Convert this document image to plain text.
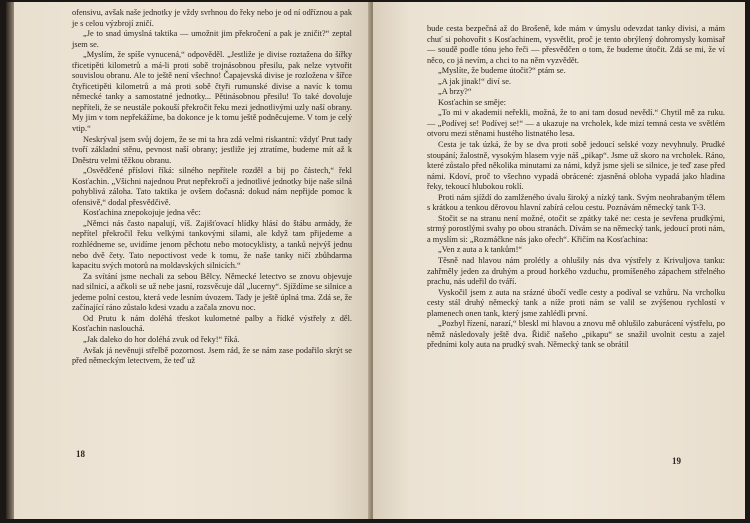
ofensivu, avšak naše jednotky je vždy svrhnou do řeky nebo je od ní odříznou a pak je s celou výzbrojí zničí.

„Je to snad úmyslná taktika — umožnit jim překročení a pak je zničit?“ zeptal jsem se.

„Myslím, že spíše vynucená,“ odpověděl. „Jestliže je divise roztažena do šířky třicetipěti kilometrů a má-li proti sobě trojnásobnou přesilu, pak nelze vytvořit souvislou obranu. Ale to ještě není všechno! Čapajevská divise je rozložena v šířce čtyřicetipěti kilometrů a má proti sobě čtyři rumunské divise a navíc k tomu německé tanky a samostatné jednotky... Pětinásobnou přesilu! To také dovoluje nepříteli, že se neustále pokouší překročit řeku mezi jednotlivými uzly naší obrany. My jim v tom nepřekážíme, ba dokonce je k tomu ještě podněcujeme. V tom je celý vtip.“

Neskrýval jsem svůj dojem, že se mi ta hra zdá velmi riskantní: vždyť Prut tady tvoří základní stěnu, pevnost naší obrany; jestliže jej ztratíme, budeme mít až k Dněstru velmi těžkou obranu.

„Osvědčené příslovi říká: silného nepřítele rozděl a bij po částech,“ řekl Kosťachin. „Všichni najednou Prut nepřekročí a jednotlivé jednotky bije naše silná pohyblivá záloha. Tato taktika je ovšem dočasná: dokud nám nepřijde pomoc k ofensivě,“ dodal přesvědčivě.

Kosťachina znepokojuje jedna věc:

„Němci nás často napalují, víš. Zajišťovací hlídky hlásí do štábu armády, že nepřítel překročil řeku velkými tankovými silami, ale když tam přijedeme a rozhlédneme se, uvidíme jenom pěchotu nebo motocyklisty, a tanků nejvýš jednu nebo dvě čety. Tato nepoctivost vede k tomu, že naše tanky ničí zbůhdarma kapacitu svých motorů na moldavských silnicích.“

Za svítání jsme nechali za sebou Bělcy. Německé letectvo se znovu objevuje nad silnicí, a ačkoli se už nebe jasní, rozsvěcuje dál „lucerny“. Sjíždíme se silnice a jedeme polní cestou, která vede lesním úvozem. Tady je ještě úplná tma. Zdá se, že začínající ráno zůstalo kdesi vzadu a začala znovu noc.

Od Prutu k nám doléhá třeskot kulometné palby a řídké výstřely z děl. Kosťachin naslouchá.

„Jak daleko do hor doléhá zvuk od řeky!“ říká.

Avšak já nevěnuji střelbě pozornost. Jsem rád, že se nám zase podařilo skrýt se před německým letectvem, že teď už

18

bude cesta bezpečná až do Brošeně, kde mám v úmyslu odevzdat tanky divisi, a mám chuť si pohovořit s Kosťachinem, vysvětlit, proč je tento obrýlený dohromysly komisař — soudě podle tónu jeho řeči — přesvědčen o tom, že budeme útočit. Zdá se mi, že ví něco, co já nevím, a chci to na něm vyzvědět.

„Myslíte, že budeme útočit?“ ptám se.

„A jak jinak!“ diví se.

„A brzy?“

Kosťachin se směje:

„To mi v akademii neřekli, možná, že to ani tam dosud nevědí.“ Chytil mě za ruku. — „Podívej se! Podívej se!“ — a ukazuje na vrcholek, kde mizí temná cesta ve světlém otvoru mezi stěnami hustého listnatého lesa.

Cesta je tak úzká, že by se dva proti sobě jedoucí selské vozy nevyhnuly. Prudké stoupání; žalostně, vysokým hlasem vyje náš „pikap“. Jsme už skoro na vrcholek. Ráno, které zůstalo před několika minutami za námi, když jsme sjeli se silnice, je teď zase před námi. Kdoví, proč to všechno vypadá obrácené: zjasněná obloha vypadá jako hladina řeky, tekoucí hlubokou roklí.

Proti nám sjíždí do zamlženého úvalu široký a nízký tank. Svým neohrabaným tělem s krátkou a tenkou děrovou hlavní zabírá celou cestu. Poznávám německý tank T-3.

Stočit se na stranu není možné, otočit se zpátky také ne: cesta je sevřena prudkými, strmý porostlými svahy po obou stranách. Dívám se na německý tank, jedoucí proti nám, a myslím si: „Rozmáčkne nás jako ořech“. Křičím na Kosťachina:

„Ven z auta a k tankům!“

Těsně nad hlavou nám prolétly a ohlušily nás dva výstřely z Krivuljova tanku: zahřměly jeden za druhým a proud horkého vzduchu, promíšeného zápachem střelného prachu, nás udeřil do tváří.

Vyskočil jsem z auta na srázné úbočí vedle cesty a podíval se vzhůru. Na vrcholku cesty stál druhý německý tank a níže proti nám se valil se zvýšenou rychlostí v plamenech onen tank, který jsme zahlédli první.

„Pozbyl řízení, narazí,“ bleskl mi hlavou a znovu mě ohlušilo zaburácení výstřelu, po němž následovaly ještě dva. Řidič našeho „pikapu“ se snažil uvolnit cestu a zajel předními koly auta na prudký svah. Německý tank se obrátil

19
